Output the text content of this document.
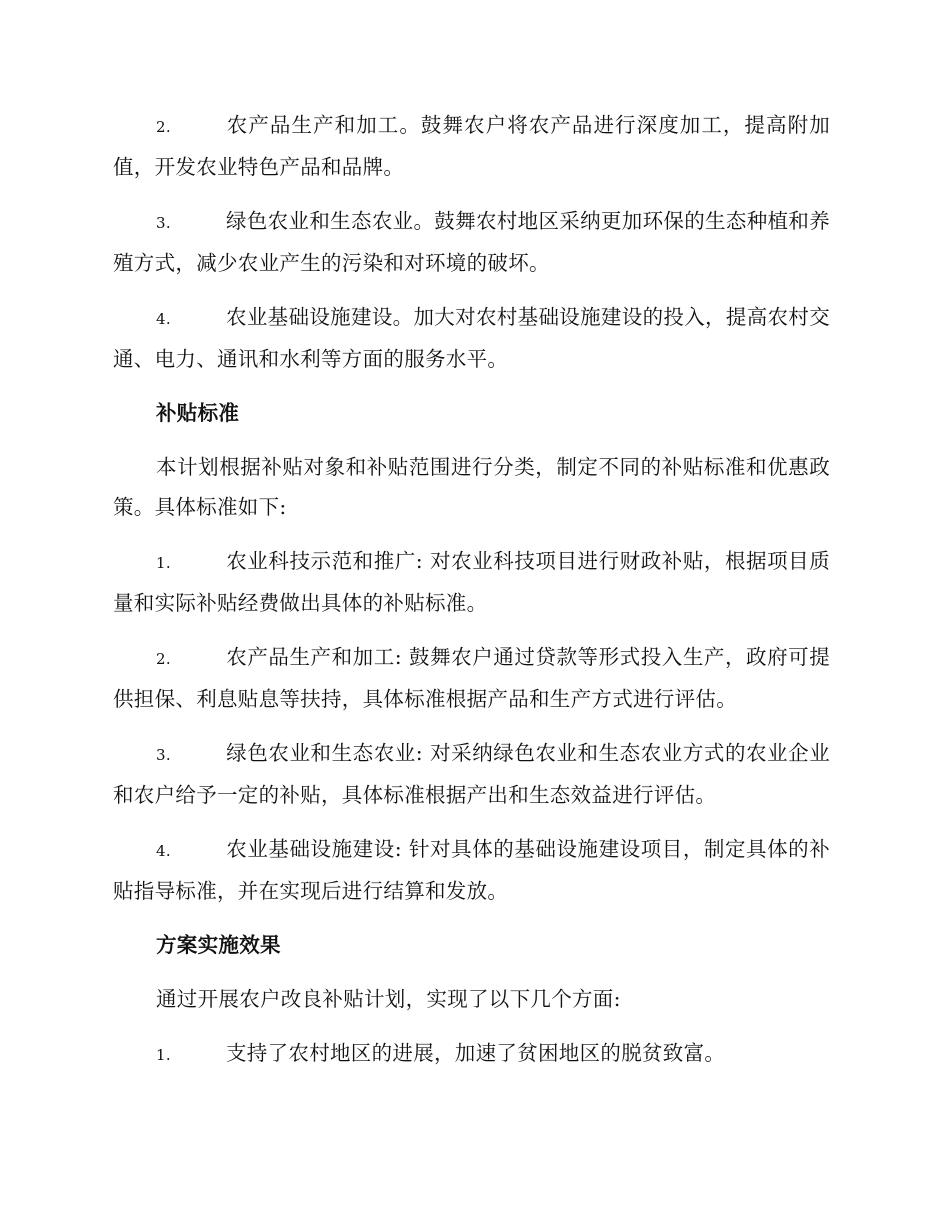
2.	农产品生产和加工。鼓舞农户将农产品进行深度加工，提高附加值，开发农业特色产品和品牌。

3.	绿色农业和生态农业。鼓舞农村地区采纳更加环保的生态种植和养殖方式，减少农业产生的污染和对环境的破坏。

4.	农业基础设施建设。加大对农村基础设施建设的投入，提高农村交通、电力、通讯和水利等方面的服务水平。

补贴标准

本计划根据补贴对象和补贴范围进行分类，制定不同的补贴标准和优惠政策。具体标准如下:

1.	农业科技示范和推广: 对农业科技项目进行财政补贴，根据项目质量和实际补贴经费做出具体的补贴标准。

2.	农产品生产和加工: 鼓舞农户通过贷款等形式投入生产，政府可提供担保、利息贴息等扶持，具体标准根据产品和生产方式进行评估。

3.	绿色农业和生态农业: 对采纳绿色农业和生态农业方式的农业企业和农户给予一定的补贴，具体标准根据产出和生态效益进行评估。

4.	农业基础设施建设: 针对具体的基础设施建设项目，制定具体的补贴指导标准，并在实现后进行结算和发放。

方案实施效果

通过开展农户改良补贴计划，实现了以下几个方面:

1.	支持了农村地区的进展，加速了贫困地区的脱贫致富。
